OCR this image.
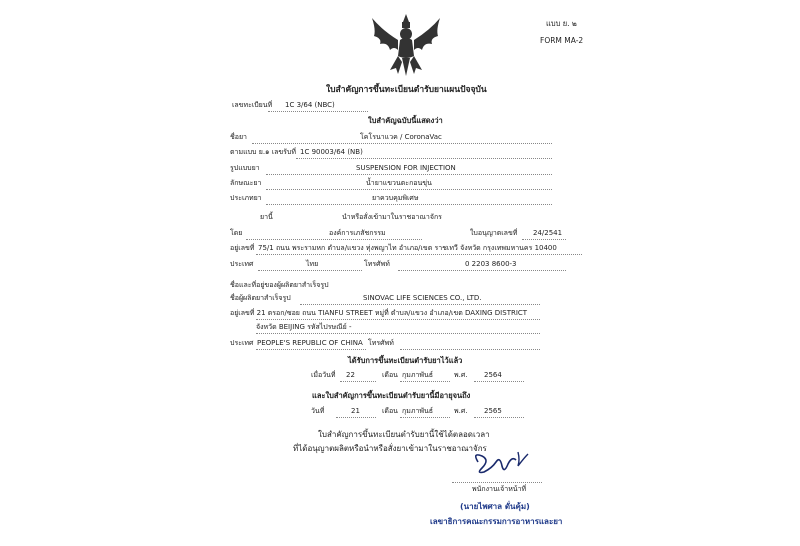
แบบ ย. ๒
FORM MA-2
ใบสำคัญการขึ้นทะเบียนตำรับยาแผนปัจจุบัน
เลขทะเบียนที่ 1C 3/64 (NBC)
ใบสำคัญฉบับนี้แสดงว่า
ชื่อยา	โคโรนาแวค / CoronaVac
ตามแบบ ย.๑ เลขรับที่ 1C 90003/64 (NB)
รูปแบบยา	SUSPENSION FOR INJECTION
ลักษณะยา	น้ำยาแขวนตะกอนขุ่น
ประเภทยา	ยาควบคุมพิเศษ
ยานี้	นำหรือสั่งเข้ามาในราชอาณาจักร
โดย	องค์การเภสัชกรรม	ใบอนุญาตเลขที่ 24/2541
อยู่เลขที่ 75/1 ถนน พระรามหก ตำบล/แขวง ทุ่งพญาไท อำเภอ/เขต ราชเทวี จังหวัด กรุงเทพมหานคร 10400
ประเทศ	ไทย	โทรศัพท์	0 2203 8600-3
ชื่อและที่อยู่ของผู้ผลิตยาสำเร็จรูป
ชื่อผู้ผลิตยาสำเร็จรูป	SINOVAC LIFE SCIENCES CO., LTD.
อยู่เลขที่ 21 ตรอก/ซอย ถนน TIANFU STREET หมู่ที่ ตำบล/แขวง อำเภอ/เขต DAXING DISTRICT
จังหวัด BEIJING รหัสไปรษณีย์ -
ประเทศ PEOPLE'S REPUBLIC OF CHINA โทรศัพท์
ได้รับการขึ้นทะเบียนตำรับยาไว้แล้ว
เมื่อวันที่ 22	เดือน กุมภาพันธ์	พ.ศ. 2564
และใบสำคัญการขึ้นทะเบียนตำรับยานี้มีอายุจนถึง
วันที่	21	เดือน กุมภาพันธ์	พ.ศ. 2565
ใบสำคัญการขึ้นทะเบียนตำรับยานี้ใช้ได้ตลอดเวลา
ที่ได้อนุญาตผลิตหรือนำหรือสั่งยาเข้ามาในราชอาณาจักร
พนักงานเจ้าหน้าที่
(นายไพศาล ดั่นคุ้ม)
เลขาธิการคณะกรรมการอาหารและยา
